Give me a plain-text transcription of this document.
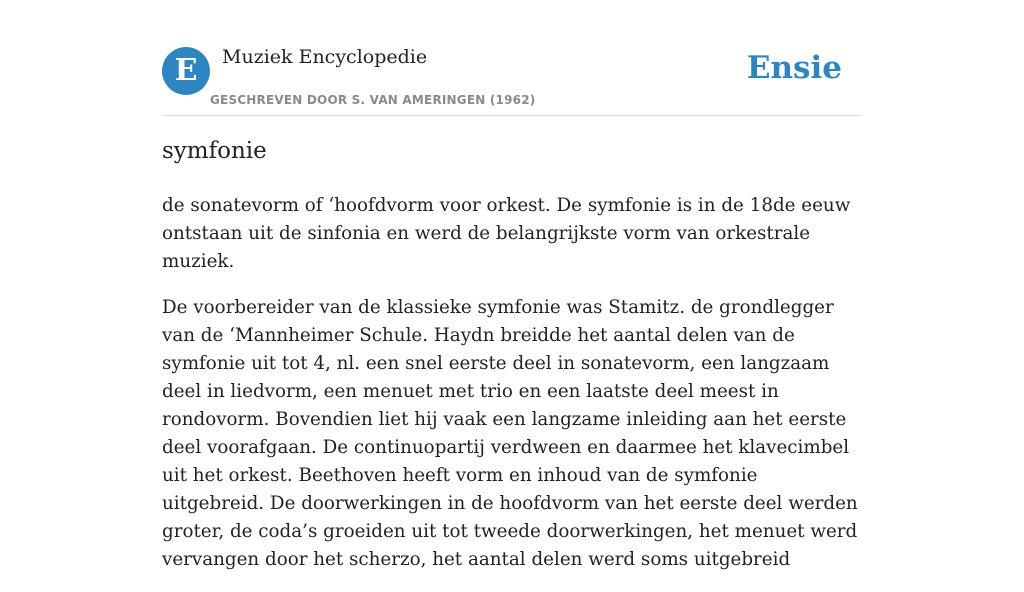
E	Muziek Encyclopedie
GESCHREVEN DOOR S. VAN AMERINGEN (1962)
Ensie
symfonie

de sonatevorm of ‘hoofdvorm voor orkest. De symfonie is in de 18de eeuw ontstaan uit de sinfonia en werd de belangrijkste vorm van orkestrale muziek.

De voorbereider van de klassieke symfonie was Stamitz. de grondlegger van de ‘Mannheimer Schule. Haydn breidde het aantal delen van de symfonie uit tot 4, nl. een snel eerste deel in sonatevorm, een langzaam deel in liedvorm, een menuet met trio en een laatste deel meest in rondovorm. Bovendien liet hij vaak een langzame inleiding aan het eerste deel voorafgaan. De continuopartij verdween en daarmee het klavecimbel uit het orkest. Beethoven heeft vorm en inhoud van de symfonie uitgebreid. De doorwerkingen in de hoofdvorm van het eerste deel werden groter, de coda’s groeiden uit tot tweede doorwerkingen, het menuet werd vervangen door het scherzo, het aantal delen werd soms uitgebreid
